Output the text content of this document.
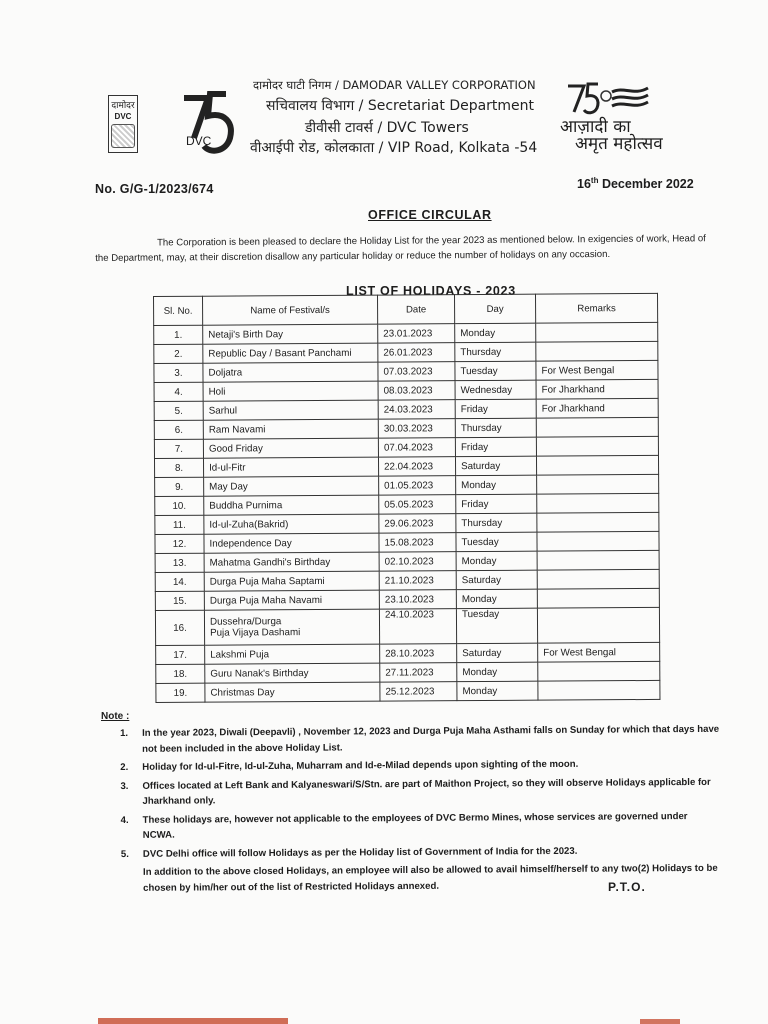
दामोदर
DVC
DVC
दामोदर घाटी निगम / DAMODAR VALLEY CORPORATION
सचिवालय विभाग / Secretariat Department
डीवीसी टावर्स / DVC Towers
वीआईपी रोड, कोलकाता / VIP Road, Kolkata -54
आज़ादी का
अमृत महोत्सव
No. G/G-1/2023/674	16th December 2022
OFFICE CIRCULAR
The Corporation is been pleased to declare the Holiday List for the year 2023 as mentioned below. In exigencies of work, Head of the Department, may, at their discretion disallow any particular holiday or reduce the number of holidays on any occasion.
LIST OF HOLIDAYS - 2023
Sl. No.	Name of Festival/s	Date	Day	Remarks
1.	Netaji's Birth Day	23.01.2023	Monday	
2.	Republic Day / Basant Panchami	26.01.2023	Thursday	
3.	Doljatra	07.03.2023	Tuesday	For West Bengal
4.	Holi	08.03.2023	Wednesday	For Jharkhand
5.	Sarhul	24.03.2023	Friday	For Jharkhand
6.	Ram Navami	30.03.2023	Thursday	
7.	Good Friday	07.04.2023	Friday	
8.	Id-ul-Fitr	22.04.2023	Saturday	
9.	May Day	01.05.2023	Monday	
10.	Buddha Purnima	05.05.2023	Friday	
11.	Id-ul-Zuha(Bakrid)	29.06.2023	Thursday	
12.	Independence Day	15.08.2023	Tuesday	
13.	Mahatma Gandhi's Birthday	02.10.2023	Monday	
14.	Durga Puja Maha Saptami	21.10.2023	Saturday	
15.	Durga Puja Maha Navami	23.10.2023	Monday	
16.	Dussehra/Durga
Puja Vijaya Dashami	24.10.2023	Tuesday	
17.	Lakshmi Puja	28.10.2023	Saturday	For West Bengal
18.	Guru Nanak's Birthday	27.11.2023	Monday	
19.	Christmas Day	25.12.2023	Monday	
Note :
1.	In the year 2023, Diwali (Deepavli) , November 12, 2023 and Durga Puja Maha Asthami falls on Sunday for which that days have not been included in the above Holiday List.
2.	Holiday for Id-ul-Fitre, Id-ul-Zuha, Muharram and Id-e-Milad depends upon sighting of the moon.
3.	Offices located at Left Bank and Kalyaneswari/S/Stn. are part of Maithon Project, so they will observe Holidays applicable for Jharkhand only.
4.	These holidays are, however not applicable to the employees of DVC Bermo Mines, whose services are governed under NCWA.
5.	DVC Delhi office will follow Holidays as per the Holiday list of Government of India for the 2023.
In addition to the above closed Holidays, an employee will also be allowed to avail himself/herself to any two(2) Holidays to be chosen by him/her out of the list of Restricted Holidays annexed.	P.T.O.
